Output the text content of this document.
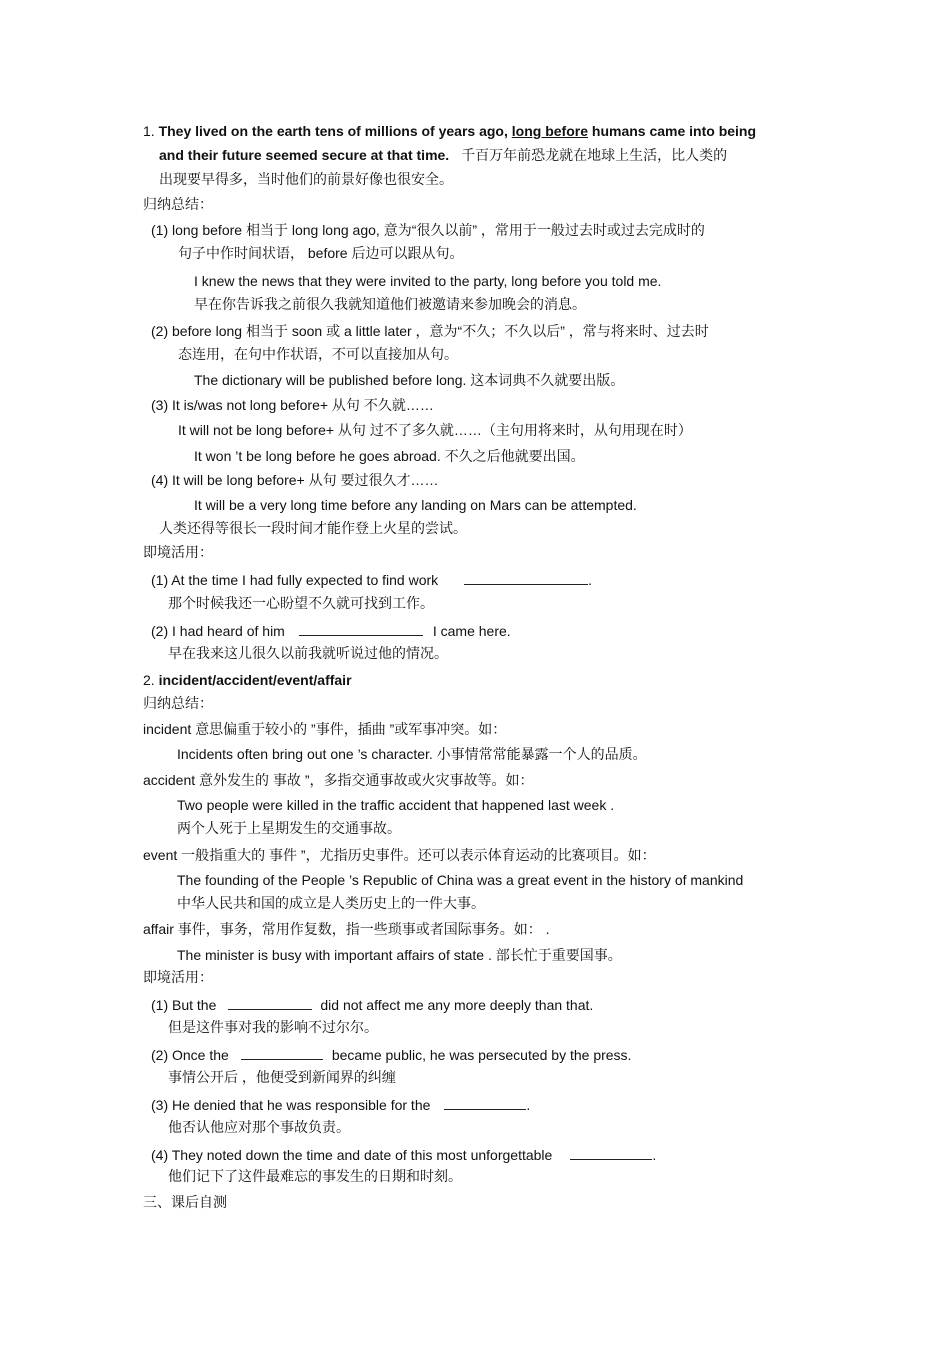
1. They lived on the earth tens of millions of years ago, long before humans came into being
and their future seemed secure at that time. 千百万年前恐龙就在地球上生活，比人类的
出现要早得多，当时他们的前景好像也很安全。
归纳总结：
(1) long before 相当于 long long ago, 意为“很久以前” ，常用于一般过去时或过去完成时的
句子中作时间状语， before 后边可以跟从句。
I knew the news that they were invited to the party, long before you told me.
早在你告诉我之前很久我就知道他们被邀请来参加晚会的消息。
(2) before long 相当于 soon 或 a little later ，意为“不久；不久以后” ，常与将来时、过去时
态连用，在句中作状语，不可以直接加从句。
The dictionary will be published before long. 这本词典不久就要出版。
(3) It is/was not long before+ 从句 不久就……
It will not be long before+ 从句 过不了多久就……（主句用将来时，从句用现在时）
It won ’t be long before he goes abroad. 不久之后他就要出国。
(4) It will be long before+ 从句 要过很久才……
It will be a very long time before any landing on Mars can be attempted.
人类还得等很长一段时间才能作登上火星的尝试。
即境活用：
(1) At the time I had fully expected to find work	.
那个时候我还一心盼望不久就可找到工作。
(2) I had heard of him	I came here.
早在我来这儿很久以前我就听说过他的情况。
2. incident/accident/event/affair
归纳总结：
incident 意思偏重于较小的 ”事件，插曲 ”或军事冲突。如：
Incidents often bring out one ’s character. 小事情常常能暴露一个人的品质。
accident 意外发生的 事故 ”，多指交通事故或火灾事故等。如：
Two people were killed in the traffic accident that happened last week .
两个人死于上星期发生的交通事故。
event 一般指重大的 事件 ”，尤指历史事件。还可以表示体育运动的比赛项目。如：
The founding of the People ’s Republic of China was a great event in the history of mankind
中华人民共和国的成立是人类历史上的一件大事。
affair 事件，事务，常用作复数，指一些琐事或者国际事务。如： .
The minister is busy with important affairs of state . 部长忙于重要国事。
即境活用：
(1) But the	did not affect me any more deeply than that.
但是这件事对我的影响不过尔尔。
(2) Once the	became public, he was persecuted by the press.
事情公开后 ，他便受到新闻界的纠缠
(3) He denied that he was responsible for the	.
他否认他应对那个事故负责。
(4) They noted down the time and date of this most unforgettable	.
他们记下了这件最难忘的事发生的日期和时刻。
三、课后自测
